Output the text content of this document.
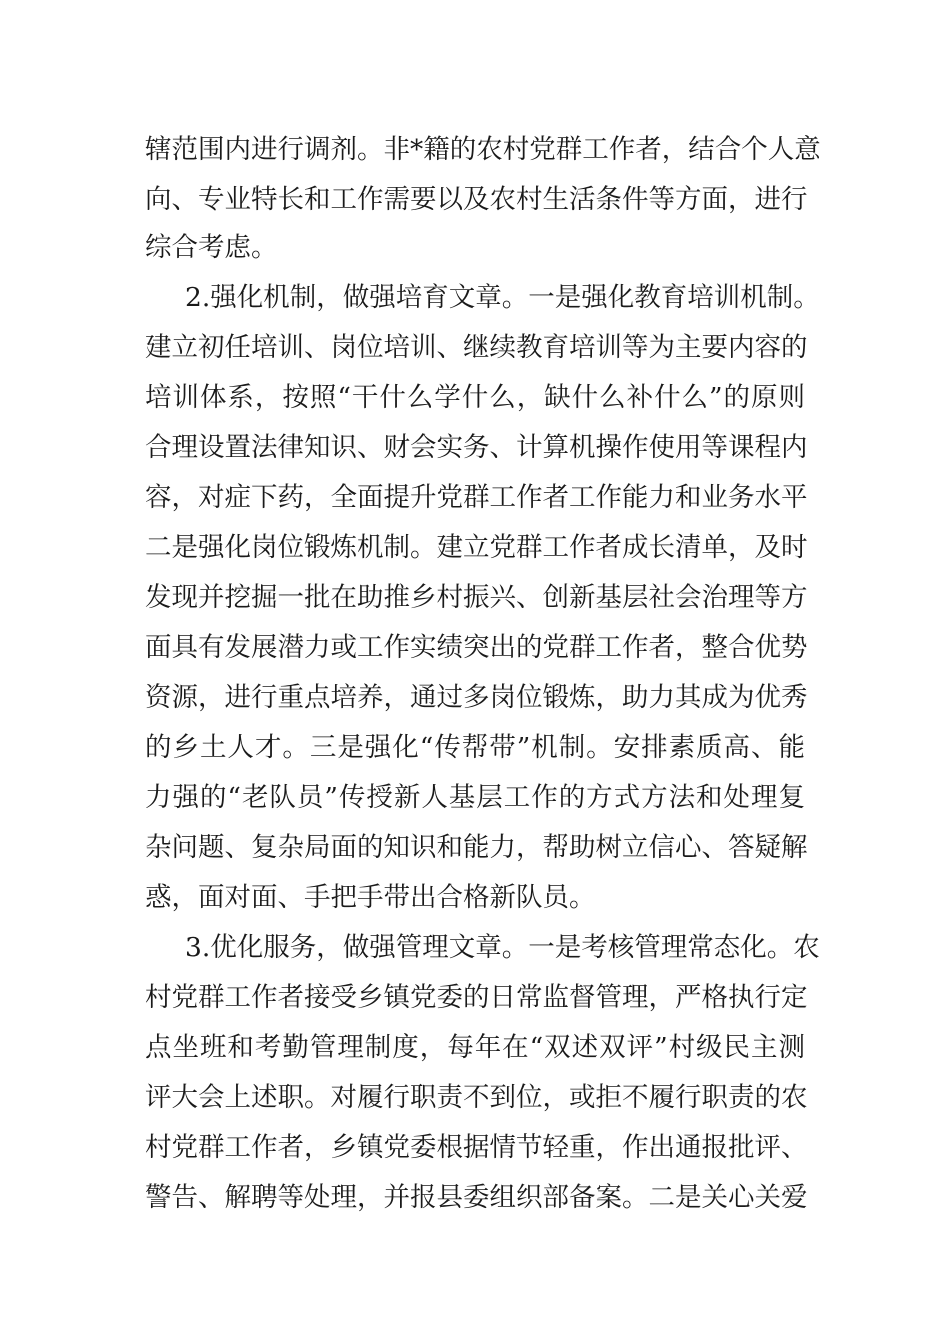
辖范围内进行调剂。非*籍的农村党群工作者，结合个人意
向、专业特长和工作需要以及农村生活条件等方面，进行
综合考虑。
2.强化机制，做强培育文章。一是强化教育培训机制。
建立初任培训、岗位培训、继续教育培训等为主要内容的
培训体系，按照“干什么学什么，缺什么补什么”的原则
合理设置法律知识、财会实务、计算机操作使用等课程内
容，对症下药，全面提升党群工作者工作能力和业务水平
二是强化岗位锻炼机制。建立党群工作者成长清单，及时
发现并挖掘一批在助推乡村振兴、创新基层社会治理等方
面具有发展潜力或工作实绩突出的党群工作者，整合优势
资源，进行重点培养，通过多岗位锻炼，助力其成为优秀
的乡土人才。三是强化“传帮带”机制。安排素质高、能
力强的“老队员”传授新人基层工作的方式方法和处理复
杂问题、复杂局面的知识和能力，帮助树立信心、答疑解
惑，面对面、手把手带出合格新队员。
3.优化服务，做强管理文章。一是考核管理常态化。农
村党群工作者接受乡镇党委的日常监督管理，严格执行定
点坐班和考勤管理制度，每年在“双述双评”村级民主测
评大会上述职。对履行职责不到位，或拒不履行职责的农
村党群工作者，乡镇党委根据情节轻重，作出通报批评、
警告、解聘等处理，并报县委组织部备案。二是关心关爱
